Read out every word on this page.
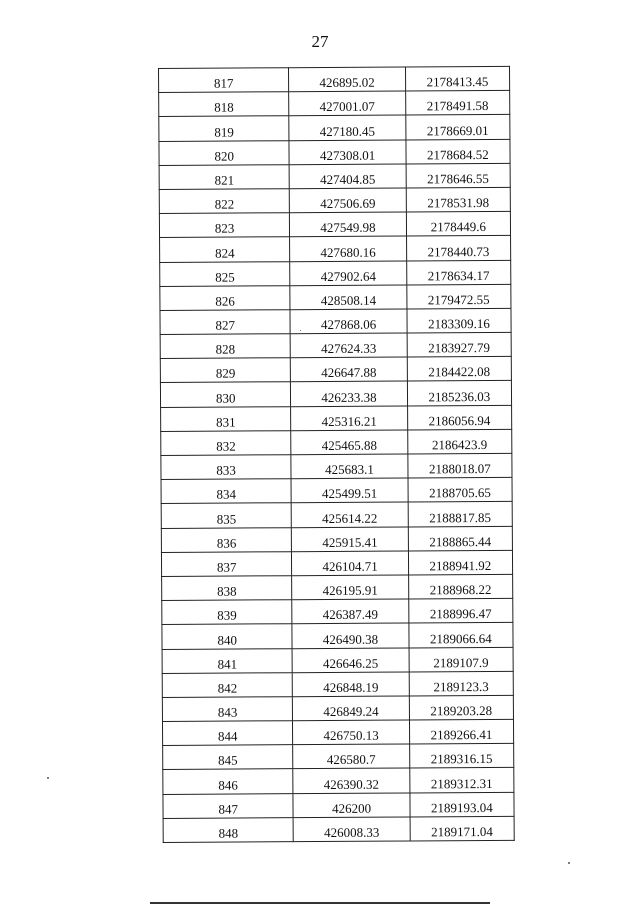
27
817	426895.02	2178413.45
818	427001.07	2178491.58
819	427180.45	2178669.01
820	427308.01	2178684.52
821	427404.85	2178646.55
822	427506.69	2178531.98
823	427549.98	2178449.6
824	427680.16	2178440.73
825	427902.64	2178634.17
826	428508.14	2179472.55
827	427868.06	2183309.16
828	427624.33	2183927.79
829	426647.88	2184422.08
830	426233.38	2185236.03
831	425316.21	2186056.94
832	425465.88	2186423.9
833	425683.1	2188018.07
834	425499.51	2188705.65
835	425614.22	2188817.85
836	425915.41	2188865.44
837	426104.71	2188941.92
838	426195.91	2188968.22
839	426387.49	2188996.47
840	426490.38	2189066.64
841	426646.25	2189107.9
842	426848.19	2189123.3
843	426849.24	2189203.28
844	426750.13	2189266.41
845	426580.7	2189316.15
846	426390.32	2189312.31
847	426200	2189193.04
848	426008.33	2189171.04
